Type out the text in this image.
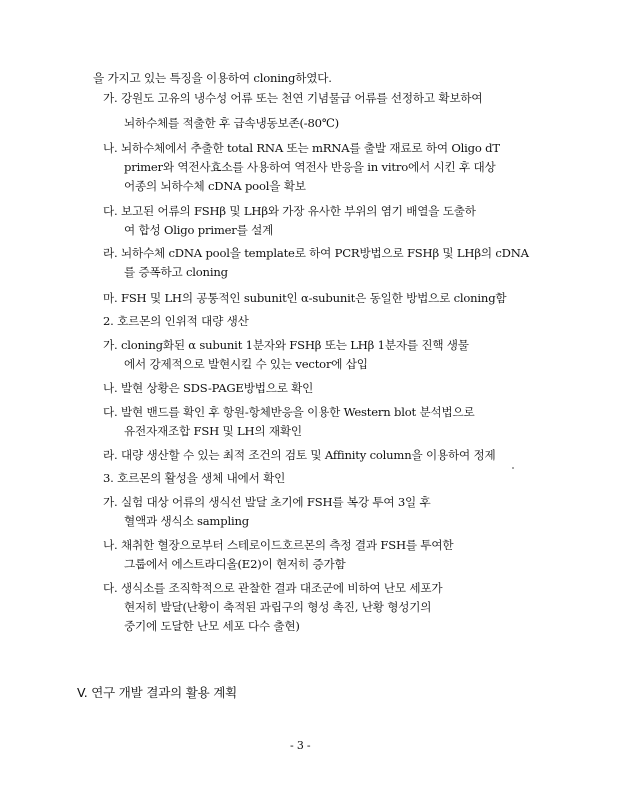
을 가지고 있는 특징을 이용하여 cloning하였다.
가. 강원도 고유의 냉수성 어류 또는 천연 기념물급 어류를 선정하고 확보하여
뇌하수체를 적출한 후 급속냉동보존(-80℃)
나. 뇌하수체에서 추출한 total RNA 또는 mRNA를 출발 재료로 하여 Oligo dT
primer와 역전사효소를 사용하여 역전사 반응을 in vitro에서 시킨 후 대상
어종의 뇌하수체 cDNA pool을 확보
다. 보고된 어류의 FSHβ 및 LHβ와 가장 유사한 부위의 염기 배열을 도출하
여 합성 Oligo primer를 설계
라. 뇌하수체 cDNA pool을 template로 하여 PCR방법으로 FSHβ 및 LHβ의 cDNA
를 증폭하고 cloning
마. FSH 및 LH의 공통적인 subunit인 α-subunit은 동일한 방법으로 cloning함
2. 호르몬의 인위적 대량 생산
가. cloning화된 α subunit 1분자와 FSHβ 또는 LHβ 1분자를 진핵 생물
에서 강제적으로 발현시킬 수 있는 vector에 삽입
나. 발현 상황은 SDS-PAGE방법으로 확인
다. 발현 밴드를 확인 후 항원-항체반응을 이용한 Western blot 분석법으로
유전자재조합 FSH 및 LH의 재확인
라. 대량 생산할 수 있는 최적 조건의 검토 및 Affinity column을 이용하여 정제
3. 호르몬의 활성을 생체 내에서 확인
가. 실험 대상 어류의 생식선 발달 초기에 FSH를 복강 투여 3일 후
혈액과 생식소 sampling
나. 채취한 혈장으로부터 스테로이드호르몬의 측정 결과 FSH를 투여한
그룹에서 에스트라디올(E2)이 현저히 증가함
다. 생식소를 조직학적으로 관찰한 결과 대조군에 비하여 난모 세포가
현저히 발달(난황이 축적된 과립구의 형성 촉진, 난황 형성기의
중기에 도달한 난모 세포 다수 출현)
V. 연구 개발 결과의 활용 계획
- 3 -
